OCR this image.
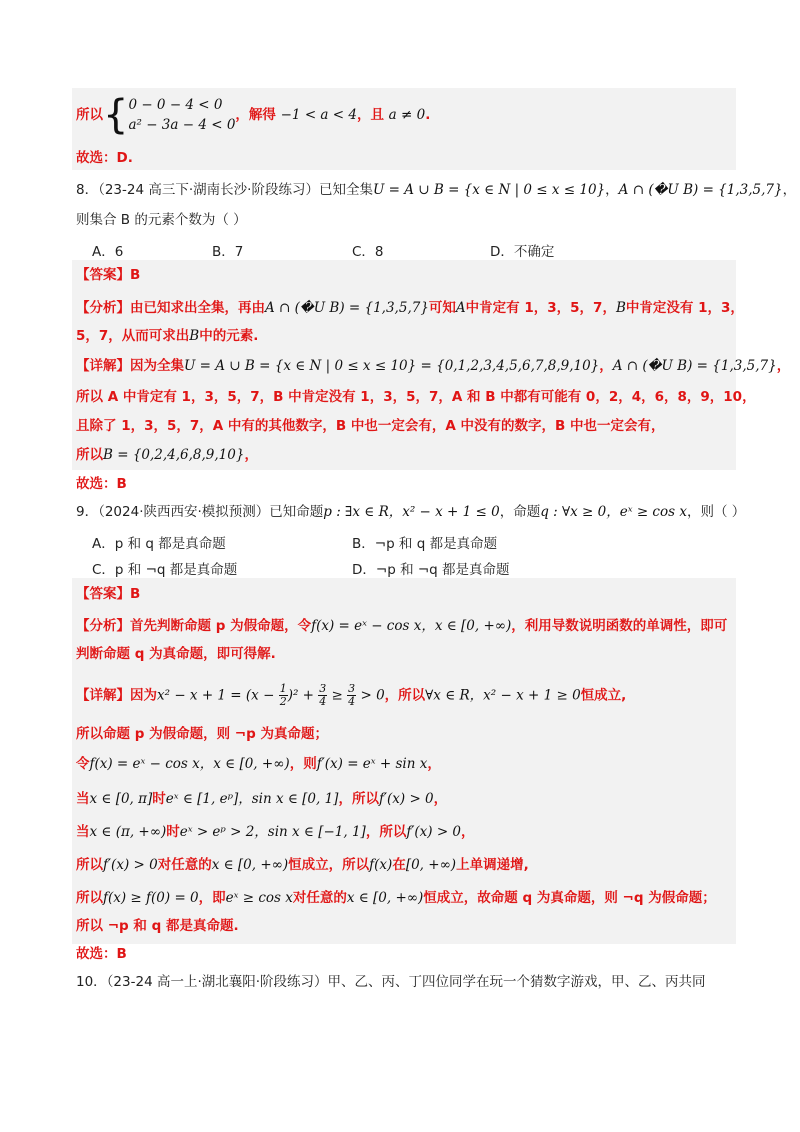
所以{ 0 − 0 − 4 < 0
a² − 3a − 4 < 0
，解得 −1 < a < 4，且 a ≠ 0.
故选：D.
8．（23-24 高三下·湖南长沙·阶段练习）已知全集U = A ∪ B = {x ∈ N | 0 ≤ x ≤ 10}，A ∩ (�U B) = {1,3,5,7}，
则集合 B 的元素个数为（ ）
A．6	B．7	C．8	D．不确定
【答案】B
【分析】由已知求出全集，再由A ∩ (�U B) = {1,3,5,7}可知A中肯定有 1，3，5，7，B中肯定没有 1，3，
5，7，从而可求出B中的元素.
【详解】因为全集U = A ∪ B = {x ∈ N | 0 ≤ x ≤ 10} = {0,1,2,3,4,5,6,7,8,9,10}，A ∩ (�U B) = {1,3,5,7}，
所以 A 中肯定有 1，3，5，7，B 中肯定没有 1，3，5，7，A 和 B 中都有可能有 0，2，4，6，8，9，10，
且除了 1，3，5，7，A 中有的其他数字，B 中也一定会有，A 中没有的数字，B 中也一定会有，
所以B = {0,2,4,6,8,9,10}，
故选：B
9．（2024·陕西西安·模拟预测）已知命题p : ∃x ∈ R，x² − x + 1 ≤ 0，命题q : ∀x ≥ 0，eˣ ≥ cos x，则（ ）
A．p 和 q 都是真命题	B．¬p 和 q 都是真命题
C．p 和 ¬q 都是真命题	D．¬p 和 ¬q 都是真命题
【答案】B
【分析】首先判断命题 p 为假命题，令f(x) = eˣ − cos x，x ∈ [0, +∞)，利用导数说明函数的单调性，即可
判断命题 q 为真命题，即可得解.
【详解】因为$x^2 - x + 1 = (x - \frac{1}{2})^2 + \frac{3}{4} \ge \frac{3}{4} > 0$，所以∀x ∈ R，x² − x + 1 ≥ 0恒成立,
所以命题 p 为假命题，则 ¬p 为真命题；
令f(x) = eˣ − cos x，x ∈ [0, +∞)，则f′(x) = eˣ + sin x，
当x ∈ [0, π]时eˣ ∈ [1, eᵖ]，sin x ∈ [0, 1]，所以f′(x) > 0，
当x ∈ (π, +∞)时eˣ > eᵖ > 2，sin x ∈ [−1, 1]，所以f′(x) > 0，
所以f′(x) > 0对任意的x ∈ [0, +∞)恒成立，所以f(x)在[0, +∞)上单调递增,
所以f(x) ≥ f(0) = 0，即eˣ ≥ cos x对任意的x ∈ [0, +∞)恒成立，故命题 q 为真命题，则 ¬q 为假命题；
所以 ¬p 和 q 都是真命题.
故选：B
10．（23-24 高一上·湖北襄阳·阶段练习）甲、乙、丙、丁四位同学在玩一个猜数字游戏，甲、乙、丙共同
